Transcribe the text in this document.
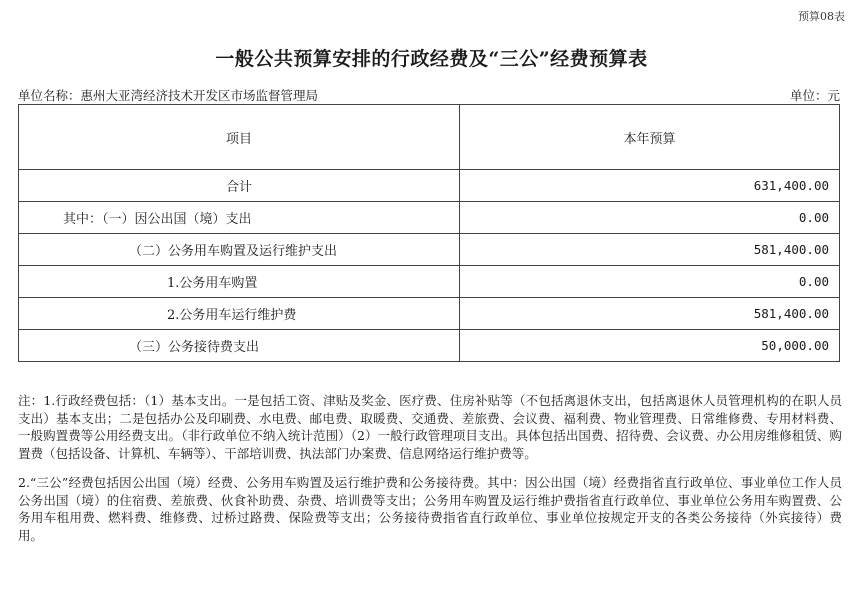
预算08表
一般公共预算安排的行政经费及“三公”经费预算表
单位名称：惠州大亚湾经济技术开发区市场监督管理局	单位：元
项目	本年预算
合计	631,400.00
其中：（一）因公出国（境）支出	0.00
（二）公务用车购置及运行维护支出	581,400.00
1.公务用车购置	0.00
2.公务用车运行维护费	581,400.00
（三）公务接待费支出	50,000.00

注：1.行政经费包括：（1）基本支出。一是包括工资、津贴及奖金、医疗费、住房补贴等（不包括离退休支出，包括离退休人员管理机构的在职人员支出）基本支出；二是包括办公及印刷费、水电费、邮电费、取暖费、交通费、差旅费、会议费、福利费、物业管理费、日常维修费、专用材料费、一般购置费等公用经费支出。（非行政单位不纳入统计范围）（2）一般行政管理项目支出。具体包括出国费、招待费、会议费、办公用房维修租赁、购置费（包括设备、计算机、车辆等）、干部培训费、执法部门办案费、信息网络运行维护费等。

2.“三公”经费包括因公出国（境）经费、公务用车购置及运行维护费和公务接待费。其中：因公出国（境）经费指省直行政单位、事业单位工作人员公务出国（境）的住宿费、差旅费、伙食补助费、杂费、培训费等支出；公务用车购置及运行维护费指省直行政单位、事业单位公务用车购置费、公务用车租用费、燃料费、维修费、过桥过路费、保险费等支出；公务接待费指省直行政单位、事业单位按规定开支的各类公务接待（外宾接待）费用。
